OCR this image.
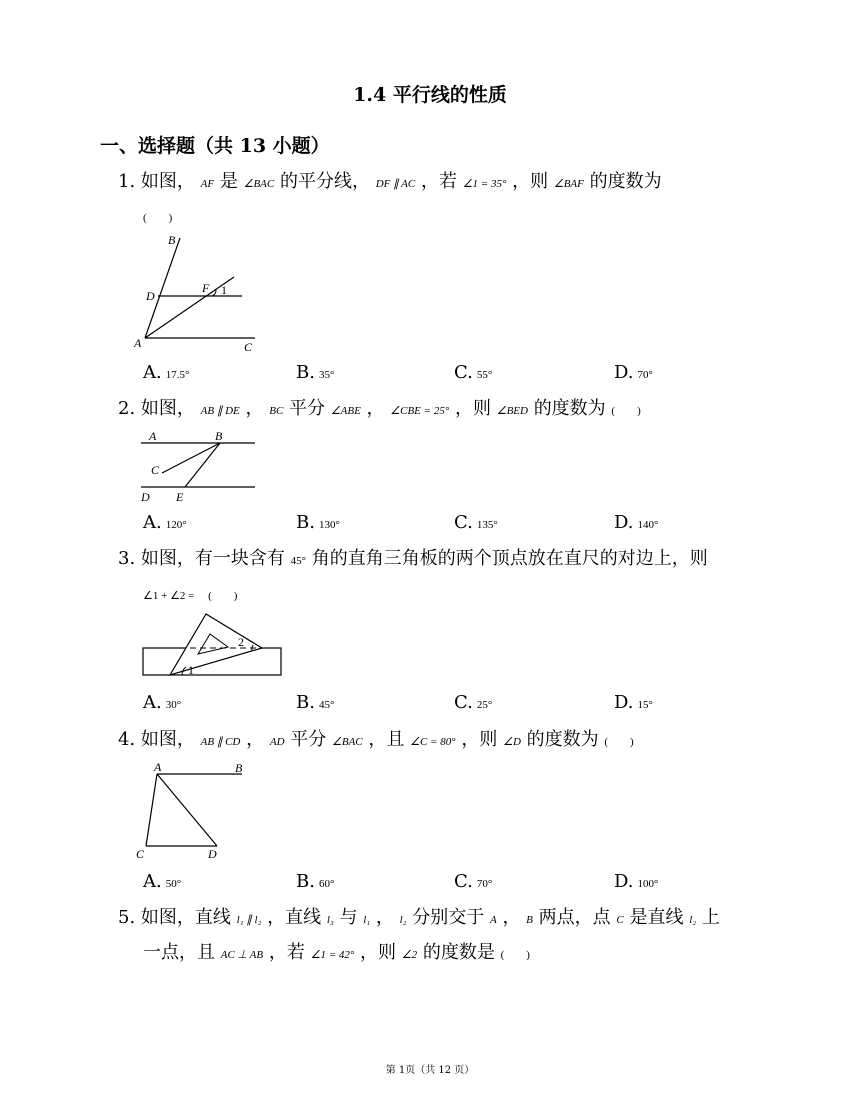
1.4 平行线的性质
一、选择题（共 13 小题）
1. 如图， AF 是 ∠BAC 的平分线， DF ∥ AC ，若 ∠1 = 35° ，则 ∠BAF 的度数为
(　　)
B
D
F 1
A	C
A. 17.5°	B. 35°	C. 55°	D. 70°
2. 如图， AB ∥ DE ， BC 平分 ∠ABE ， ∠CBE = 25° ，则 ∠BED 的度数为 (　　)
A	B
C
D E
A. 120°	B. 130°	C. 135°	D. 140°
3. 如图，有一块含有 45° 角的直角三角板的两个顶点放在直尺的对边上，则
∠1 + ∠2 = (　　)
1
2
A. 30°	B. 45°	C. 25°	D. 15°
4. 如图， AB ∥ CD ， AD 平分 ∠BAC ，且 ∠C = 80° ，则 ∠D 的度数为 (　　)
A	B
C	D
A. 50°	B. 60°	C. 70°	D. 100°
5. 如图，直线 l₁ ∥ l₂ ，直线 l₃ 与 l₁ ， l₂ 分别交于 A ， B 两点，点 C 是直线 l₂ 上
一点，且 AC ⊥ AB ，若 ∠1 = 42° ，则 ∠2 的度数是 (　　)
第 1页（共 12 页）
